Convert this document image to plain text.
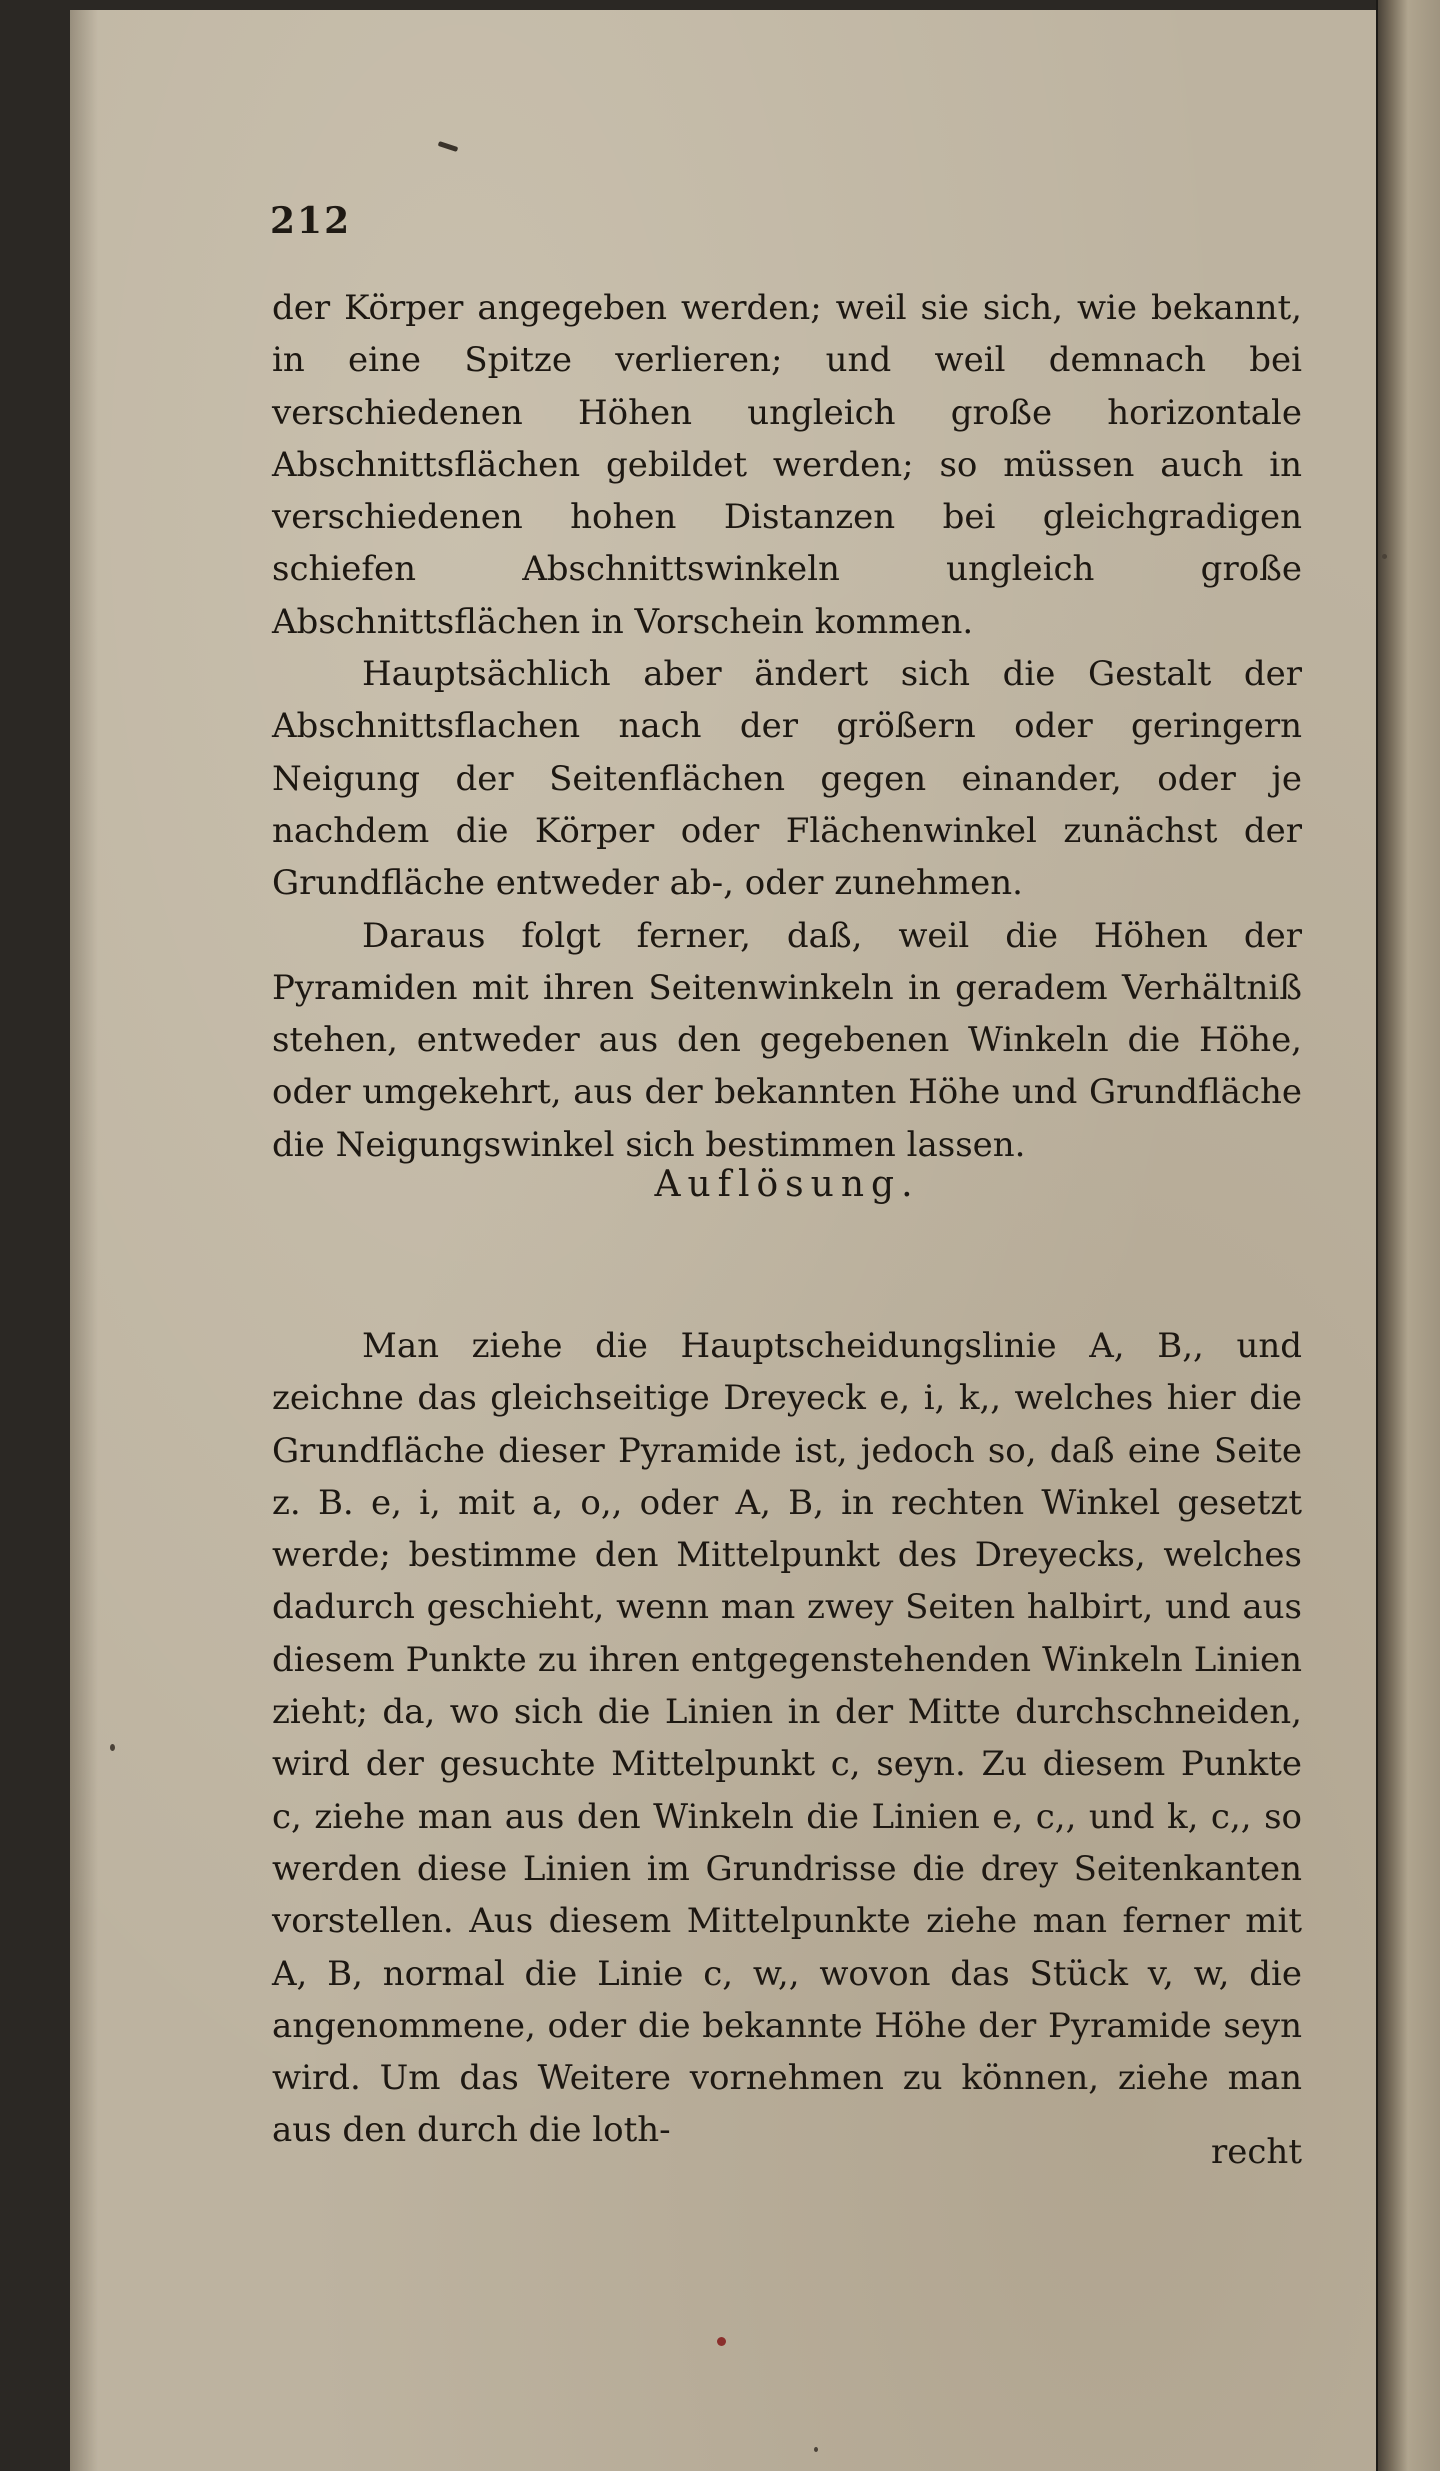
212

der Körper angegeben werden; weil sie sich, wie bekannt, in eine Spitze verlieren; und weil demnach bei verschiedenen Höhen ungleich große horizontale Abschnittsflächen gebildet werden; so müssen auch in verschiedenen hohen Distanzen bei gleichgradigen schiefen Abschnittswinkeln ungleich große Abschnittsflächen in Vorschein kommen.

Hauptsächlich aber ändert sich die Gestalt der Abschnittsflachen nach der größern oder geringern Neigung der Seitenflächen gegen einander, oder je nachdem die Körper oder Flächenwinkel zunächst der Grundfläche entweder ab-, oder zunehmen.

Daraus folgt ferner, daß, weil die Höhen der Pyramiden mit ihren Seitenwinkeln in geradem Verhältniß stehen, entweder aus den gegebenen Winkeln die Höhe, oder umgekehrt, aus der bekannten Höhe und Grundfläche die Neigungswinkel sich bestimmen lassen.

Auflösung.

Man ziehe die Hauptscheidungslinie A, B,, und zeichne das gleichseitige Dreyeck e, i, k,, welches hier die Grundfläche dieser Pyramide ist, jedoch so, daß eine Seite z. B. e, i, mit a, o,, oder A, B, in rechten Winkel gesetzt werde; bestimme den Mittelpunkt des Dreyecks, welches dadurch geschieht, wenn man zwey Seiten halbirt, und aus diesem Punkte zu ihren entgegenstehenden Winkeln Linien zieht; da, wo sich die Linien in der Mitte durchschneiden, wird der gesuchte Mittelpunkt c, seyn. Zu diesem Punkte c, ziehe man aus den Winkeln die Linien e, c,, und k, c,, so werden diese Linien im Grundrisse die drey Seitenkanten vorstellen. Aus diesem Mittelpunkte ziehe man ferner mit A, B, normal die Linie c, w,, wovon das Stück v, w, die angenommene, oder die bekannte Höhe der Pyramide seyn wird. Um das Weitere vornehmen zu können, ziehe man aus den durch die loth-

recht
